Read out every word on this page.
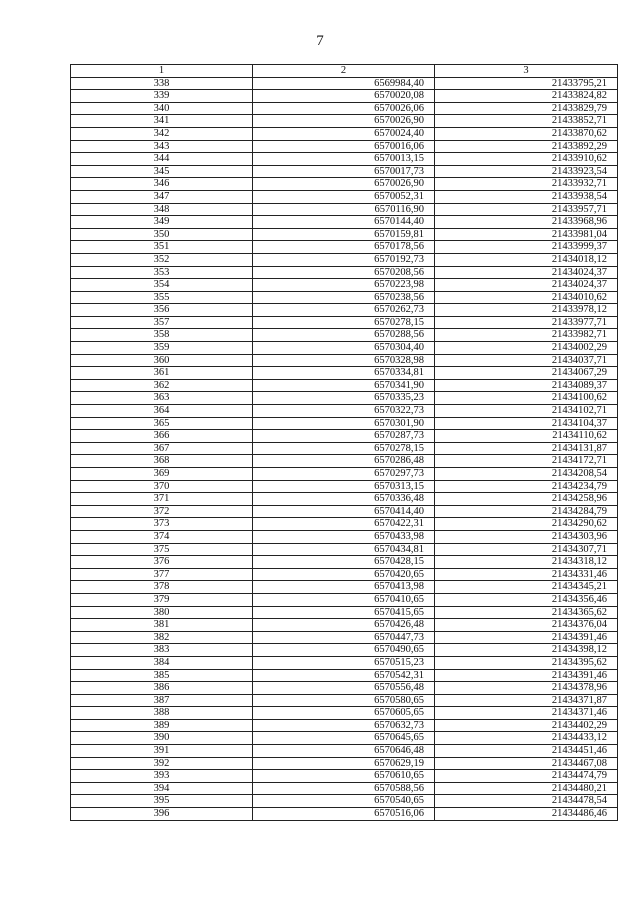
7
1	2	3
338	6569984,40	21433795,21
339	6570020,08	21433824,82
340	6570026,06	21433829,79
341	6570026,90	21433852,71
342	6570024,40	21433870,62
343	6570016,06	21433892,29
344	6570013,15	21433910,62
345	6570017,73	21433923,54
346	6570026,90	21433932,71
347	6570052,31	21433938,54
348	6570116,90	21433957,71
349	6570144,40	21433968,96
350	6570159,81	21433981,04
351	6570178,56	21433999,37
352	6570192,73	21434018,12
353	6570208,56	21434024,37
354	6570223,98	21434024,37
355	6570238,56	21434010,62
356	6570262,73	21433978,12
357	6570278,15	21433977,71
358	6570288,56	21433982,71
359	6570304,40	21434002,29
360	6570328,98	21434037,71
361	6570334,81	21434067,29
362	6570341,90	21434089,37
363	6570335,23	21434100,62
364	6570322,73	21434102,71
365	6570301,90	21434104,37
366	6570287,73	21434110,62
367	6570278,15	21434131,87
368	6570286,48	21434172,71
369	6570297,73	21434208,54
370	6570313,15	21434234,79
371	6570336,48	21434258,96
372	6570414,40	21434284,79
373	6570422,31	21434290,62
374	6570433,98	21434303,96
375	6570434,81	21434307,71
376	6570428,15	21434318,12
377	6570420,65	21434331,46
378	6570413,98	21434345,21
379	6570410,65	21434356,46
380	6570415,65	21434365,62
381	6570426,48	21434376,04
382	6570447,73	21434391,46
383	6570490,65	21434398,12
384	6570515,23	21434395,62
385	6570542,31	21434391,46
386	6570556,48	21434378,96
387	6570580,65	21434371,87
388	6570605,65	21434371,46
389	6570632,73	21434402,29
390	6570645,65	21434433,12
391	6570646,48	21434451,46
392	6570629,19	21434467,08
393	6570610,65	21434474,79
394	6570588,56	21434480,21
395	6570540,65	21434478,54
396	6570516,06	21434486,46
